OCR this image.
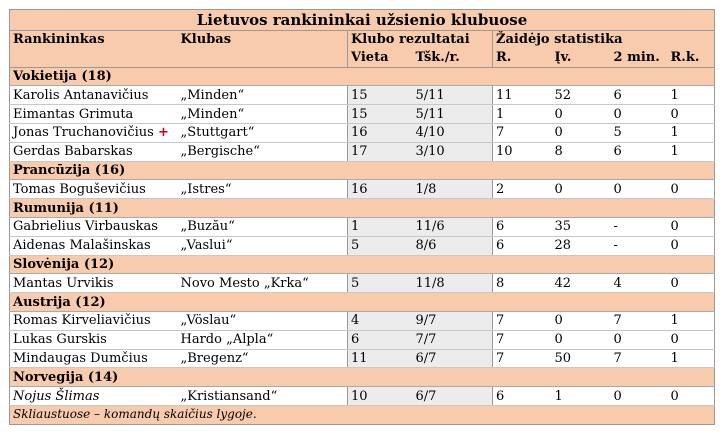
Lietuvos rankininkai užsienio klubuose							
Rankininkas	Klubas	Klubo rezultatai		Žaidėjo statistika			
		Vieta	Tšk./r.	R.	Įv.	2 min.	R.k.
Vokietija (18)							
Karolis Antanavičius	„Minden“	15	5/11	11	52	6	1
Eimantas Grimuta	„Minden“	15	5/11	1	0	0	0
Jonas Truchanovičius +	„Stuttgart“	16	4/10	7	0	5	1
Gerdas Babarskas	„Bergische“	17	3/10	10	8	6	1
Prancūzija (16)							
Tomas Boguševičius	„Istres“	16	1/8	2	0	0	0
Rumunija (11)							
Gabrielius Virbauskas	„Buzău“	1	11/6	6	35	-	0
Aidenas Malašinskas	„Vaslui“	5	8/6	6	28	-	0
Slovėnija (12)							
Mantas Urvikis	Novo Mesto „Krka“	5	11/8	8	42	4	0
Austrija (12)							
Romas Kirveliavičius	„Vöslau“	4	9/7	7	0	7	1
Lukas Gurskis	Hardo „Alpla“	6	7/7	7	0	0	0
Mindaugas Dumčius	„Bregenz“	11	6/7	7	50	7	1
Norvegija (14)							
Nojus Šlimas	„Kristiansand“	10	6/7	6	1	0	0
Skliaustuose – komandų skaičius lygoje.							
